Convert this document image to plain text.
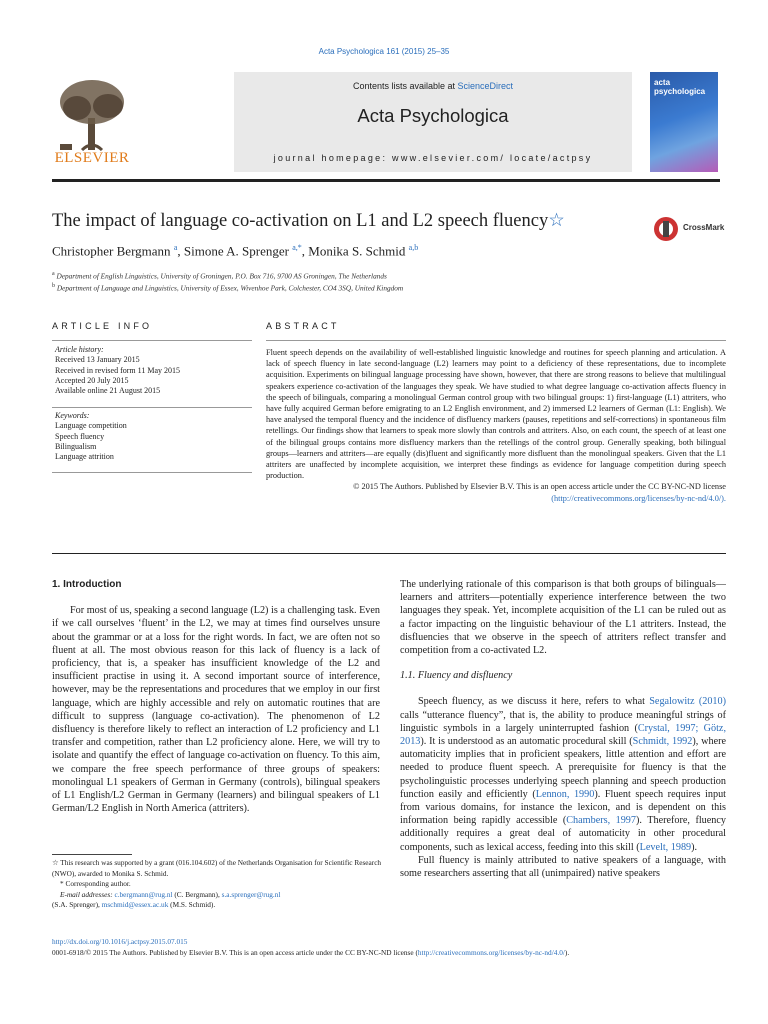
Acta Psychologica 161 (2015) 25–35
ELSEVIER
Contents lists available at ScienceDirect
Acta Psychologica
journal homepage: www.elsevier.com/ locate/actpsy
acta
psychologica
The impact of language co-activation on L1 and L2 speech fluency☆	CrossMark
Christopher Bergmann $^a$, Simone A. Sprenger $^{a,*}$, Monika S. Schmid $^{a,b}$
$^a$ Department of English Linguistics, University of Groningen, P.O. Box 716, 9700 AS Groningen, The Netherlands
$^b$ Department of Language and Linguistics, University of Essex, Wivenhoe Park, Colchester, CO4 3SQ, United Kingdom
ARTICLE INFO	ABSTRACT
Article history:
Received 13 January 2015
Received in revised form 11 May 2015
Accepted 20 July 2015
Available online 21 August 2015
Keywords:
Language competition
Speech fluency
Bilingualism
Language attrition
Fluent speech depends on the availability of well-established linguistic knowledge and routines for speech planning and articulation. A lack of speech fluency in late second-language (L2) learners may point to a deficiency of these representations, due to incomplete acquisition. Experiments on bilingual language processing have shown, however, that there are strong reasons to believe that multilingual speakers experience co-activation of the languages they speak. We have studied to what degree language co-activation affects fluency in the speech of bilinguals, comparing a monolingual German control group with two bilingual groups: 1) first-language (L1) attriters, who have fully acquired German before emigrating to an L2 English environment, and 2) immersed L2 learners of German (L1: English). We have analysed the temporal fluency and the incidence of disfluency markers (pauses, repetitions and self-corrections) in spontaneous film retellings. Our findings show that learners to speak more slowly than controls and attriters. Also, on each count, the speech of at least one of the bilingual groups contains more disfluency markers than the retellings of the control group. Generally speaking, both bilingual groups—learners and attriters—are equally (dis)fluent and significantly more disfluent than the monolingual speakers. Given that the L1 attriters are unaffected by incomplete acquisition, we interpret these findings as evidence for language competition during speech production.
© 2015 The Authors. Published by Elsevier B.V. This is an open access article under the CC BY-NC-ND license
(http://creativecommons.org/licenses/by-nc-nd/4.0/).
1. Introduction

For most of us, speaking a second language (L2) is a challenging task. Even if we call ourselves ‘fluent’ in the L2, we may at times find ourselves unsure about the grammar or at a loss for the right words. In fact, we are often not so fluent at all. The most obvious reason for this lack of fluency is a lack of proficiency, that is, a speaker has insufficient knowledge of the L2 and insufficient practise in using it. A second important source of interference, however, may be the representations and procedures that we employ in our first language, which are highly accessible and rely on automatic routines that are difficult to suppress (language co-activation). The phenomenon of L2 disfluency is therefore likely to reflect an interaction of L2 proficiency and L1 transfer and competition, rather than L2 proficiency alone. Here, we will try to isolate and quantify the effect of language co-activation on fluency. To this aim, we compare the free speech performance of three groups of speakers: monolingual L1 speakers of German in Germany (controls), bilingual speakers of L1 English/L2 German in Germany (learners) and bilingual speakers of L1 German/L2 English in North America (attriters).

The underlying rationale of this comparison is that both groups of bilinguals—learners and attriters—potentially experience interference between the two languages they speak. Yet, incomplete acquisition of the L1 can be ruled out as a factor impacting on the linguistic behaviour of the L1 attriters. Instead, the disfluencies that we observe in the speech of attriters reflect transfer and competition from a co-activated L2.

1.1. Fluency and disfluency

Speech fluency, as we discuss it here, refers to what Segalowitz (2010) calls “utterance fluency”, that is, the ability to produce meaningful strings of linguistic symbols in a largely uninterrupted fashion (Crystal, 1997; Götz, 2013). It is understood as an automatic procedural skill (Schmidt, 1992), where automaticity implies that in proficient speakers, little attention and effort are needed to produce fluent speech. A prerequisite for fluency is that the psycholinguistic processes underlying speech planning and speech production function easily and efficiently (Lennon, 1990). Fluent speech requires input from various domains, for instance the lexicon, and is dependent on this information being rapidly accessible (Chambers, 1997). Therefore, fluency additionally requires a great deal of automaticity in other procedural components, such as lexical access, feeding into this skill (Levelt, 1989).

Full fluency is mainly attributed to native speakers of a language, with some researchers asserting that all (unimpaired) native speakers

☆ This research was supported by a grant (016.104.602) of the Netherlands Organisation for Scientific Research (NWO), awarded to Monika S. Schmid.
* Corresponding author.
E-mail addresses: c.bergmann@rug.nl (C. Bergmann), s.a.sprenger@rug.nl
(S.A. Sprenger), mschmid@essex.ac.uk (M.S. Schmid).
http://dx.doi.org/10.1016/j.actpsy.2015.07.015
0001-6918/© 2015 The Authors. Published by Elsevier B.V. This is an open access article under the CC BY-NC-ND license (http://creativecommons.org/licenses/by-nc-nd/4.0/).
